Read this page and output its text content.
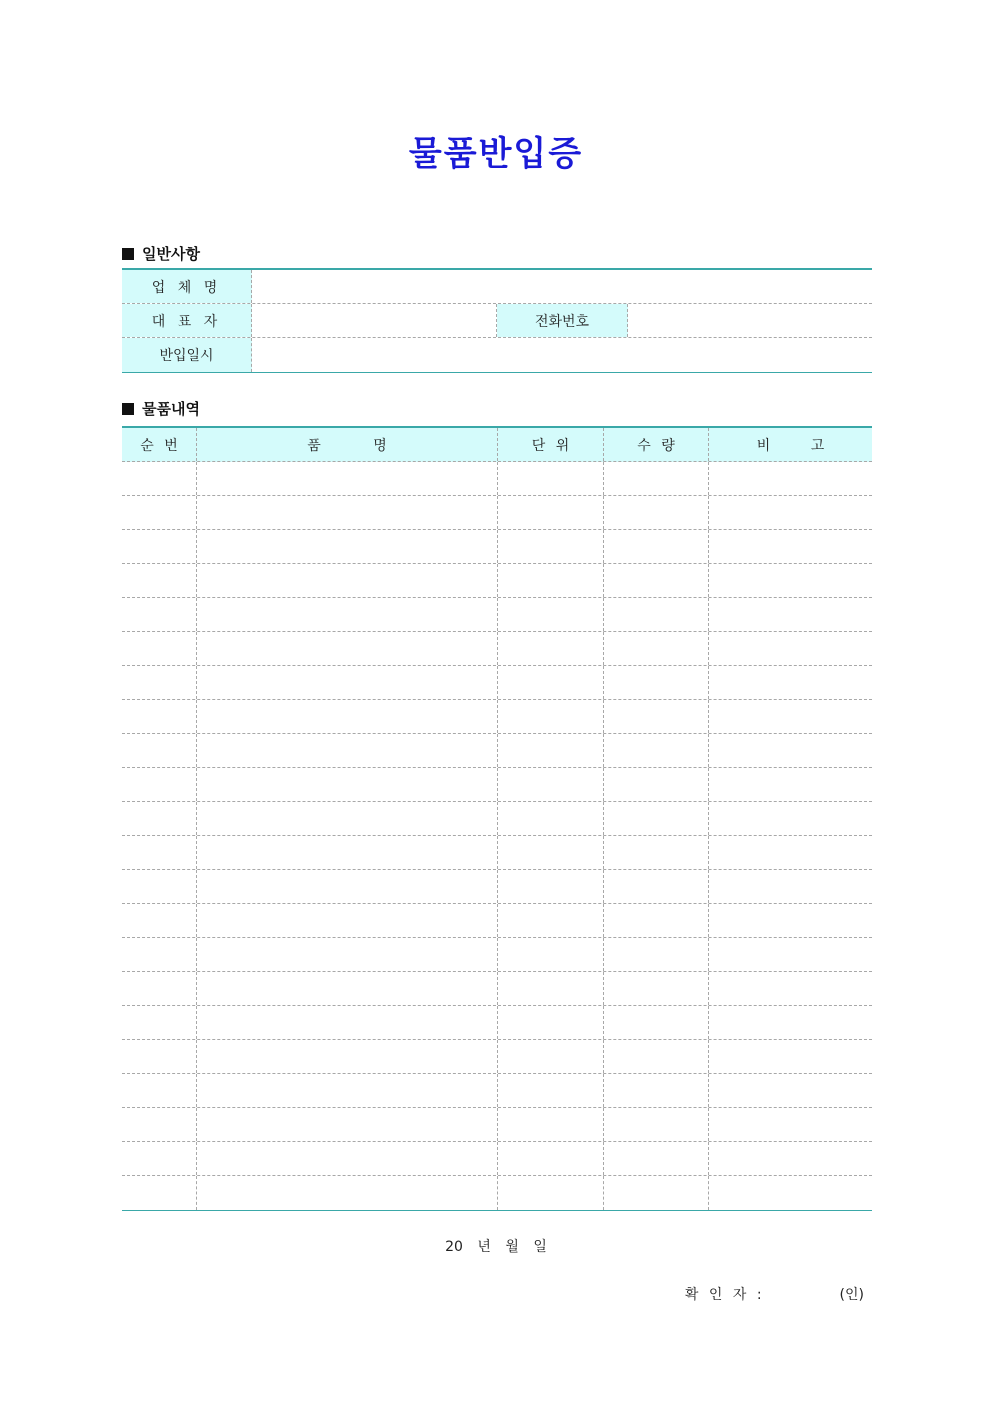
물품반입증
일반사항
업 체 명
대 표 자	전화번호
반입일시
물품내역
순 번	품 명	단 위	수 량	비 고
20 년 월 일
확 인 자 :	(인)
